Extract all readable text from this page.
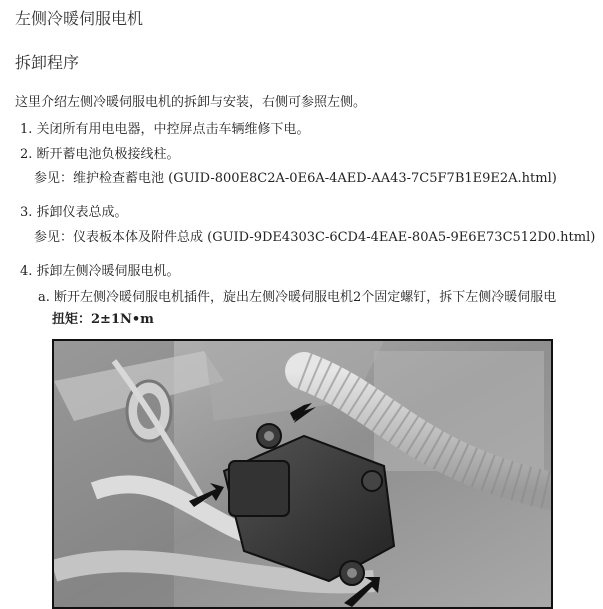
左侧冷暖伺服电机
拆卸程序
这里介绍左侧冷暖伺服电机的拆卸与安装，右侧可参照左侧。
1. 关闭所有用电电器，中控屏点击车辆维修下电。
2. 断开蓄电池负极接线柱。
参见：维护检查蓄电池 (GUID-800E8C2A-0E6A-4AED-AA43-7C5F7B1E9E2A.html)
3. 拆卸仪表总成。
参见：仪表板本体及附件总成 (GUID-9DE4303C-6CD4-4EAE-80A5-9E6E73C512D0.html)
4. 拆卸左侧冷暖伺服电机。
a. 断开左侧冷暖伺服电机插件，旋出左侧冷暖伺服电机2个固定螺钉，拆下左侧冷暖伺服电
扭矩：2±1N•m
